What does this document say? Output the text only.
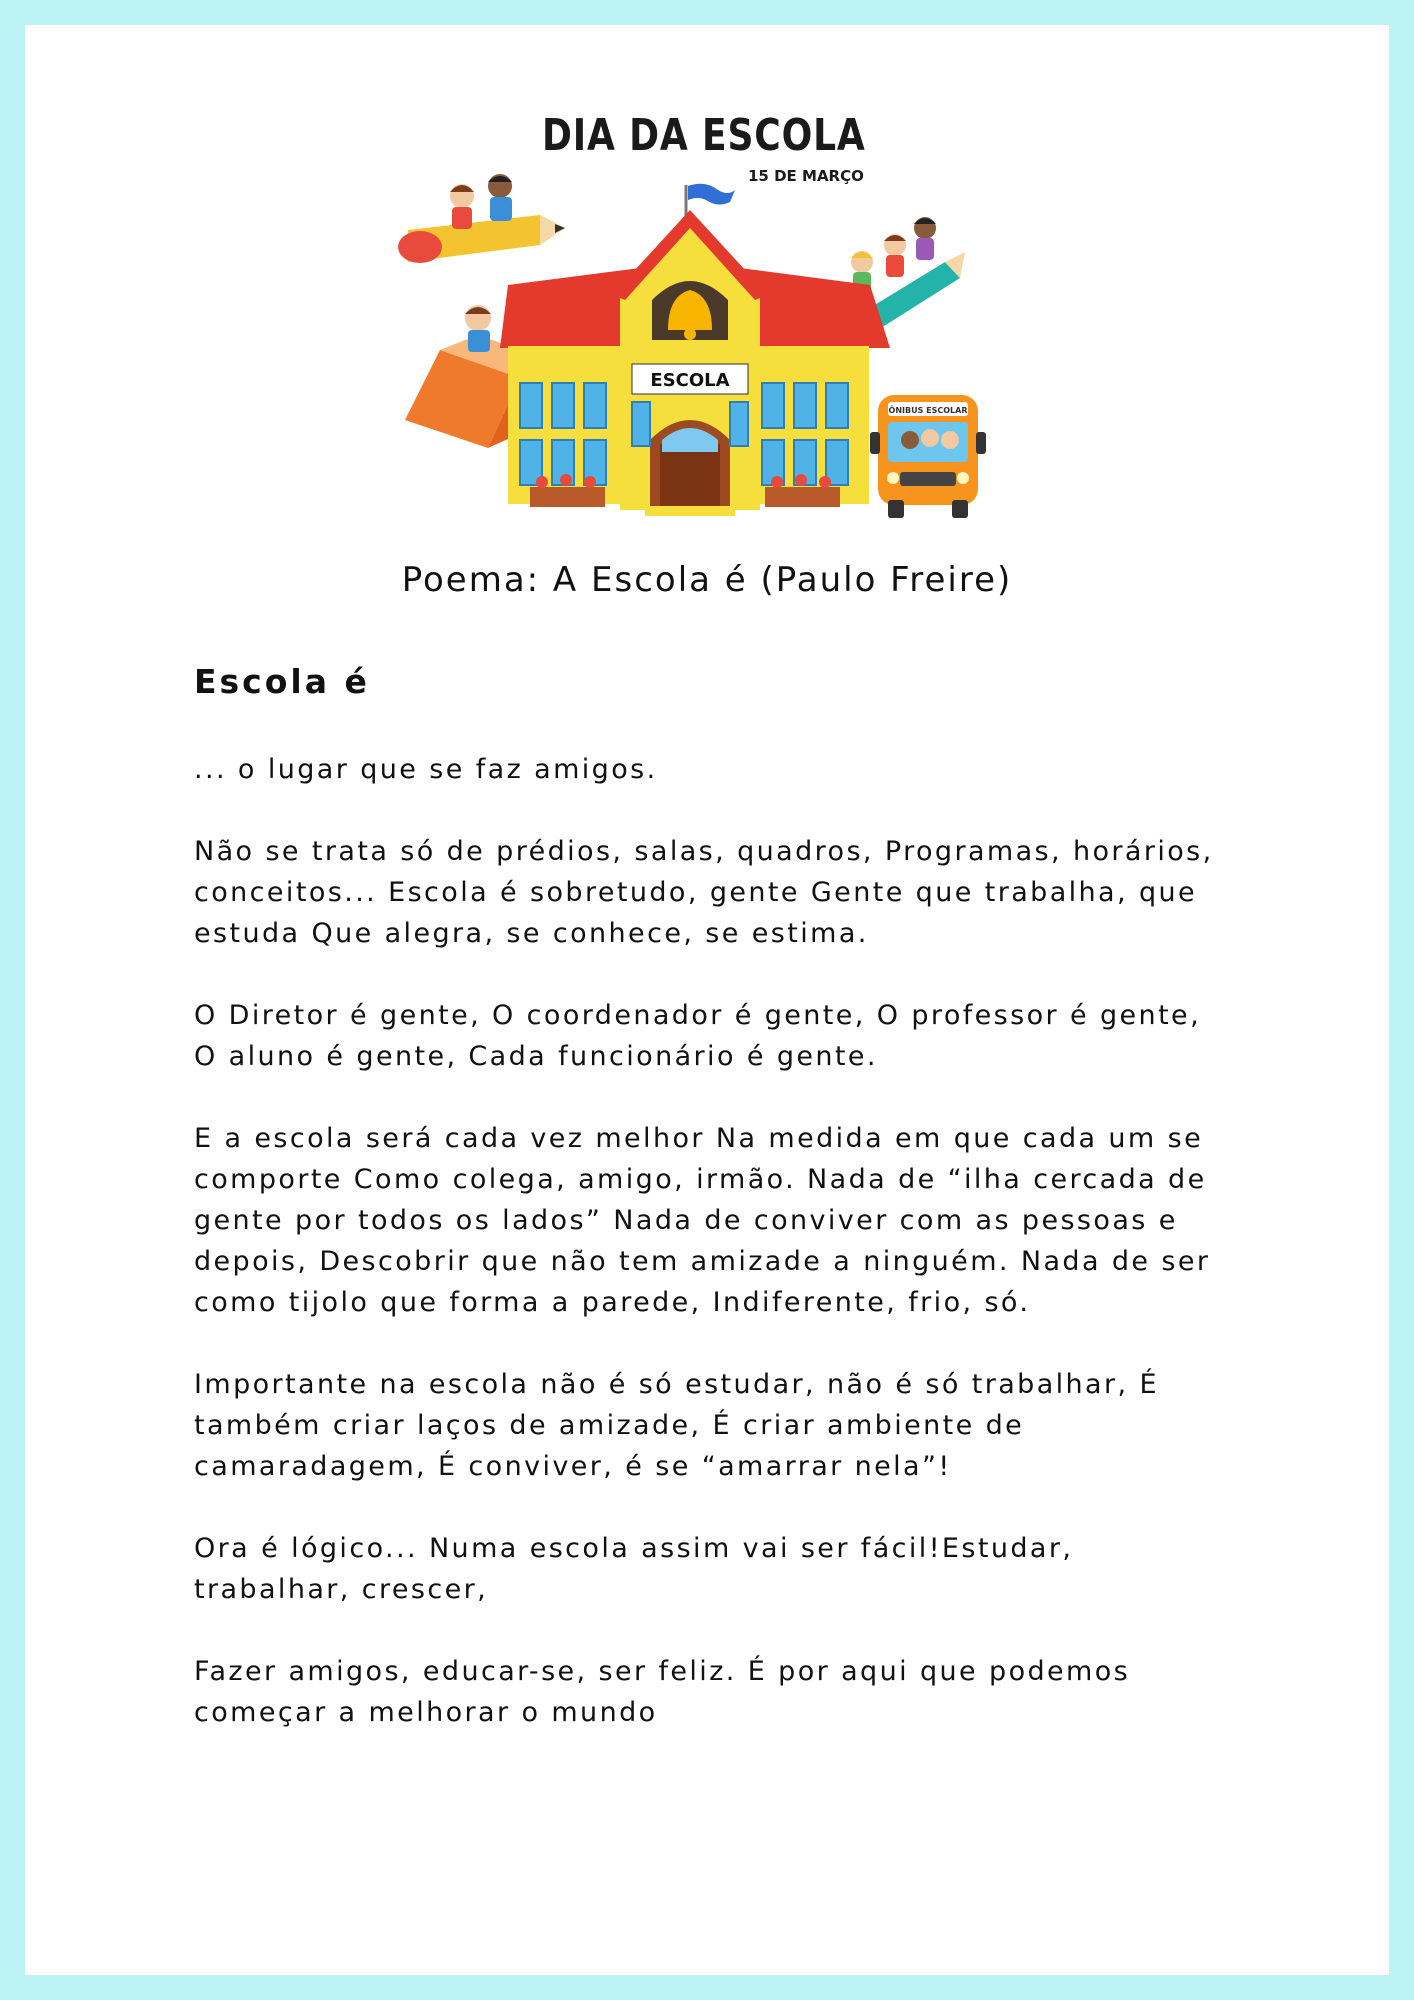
ESCOLA
ÔNIBUS ESCOLAR
DIA DA ESCOLA
15 DE MARÇO
Poema: A Escola é (Paulo Freire)
Escola é

... o lugar que se faz amigos.

Não se trata só de prédios, salas, quadros, Programas, horários, conceitos... Escola é sobretudo, gente Gente que trabalha, que estuda Que alegra, se conhece, se estima.

O Diretor é gente, O coordenador é gente, O professor é gente, O aluno é gente, Cada funcionário é gente.

E a escola será cada vez melhor Na medida em que cada um se comporte Como colega, amigo, irmão. Nada de “ilha cercada de gente por todos os lados” Nada de conviver com as pessoas e depois, Descobrir que não tem amizade a ninguém. Nada de ser como tijolo que forma a parede, Indiferente, frio, só.

Importante na escola não é só estudar, não é só trabalhar, É também criar laços de amizade, É criar ambiente de camaradagem, É conviver, é se “amarrar nela”!

Ora é lógico... Numa escola assim vai ser fácil!Estudar, trabalhar, crescer,

Fazer amigos, educar-se, ser feliz. É por aqui que podemos começar a melhorar o mundo
